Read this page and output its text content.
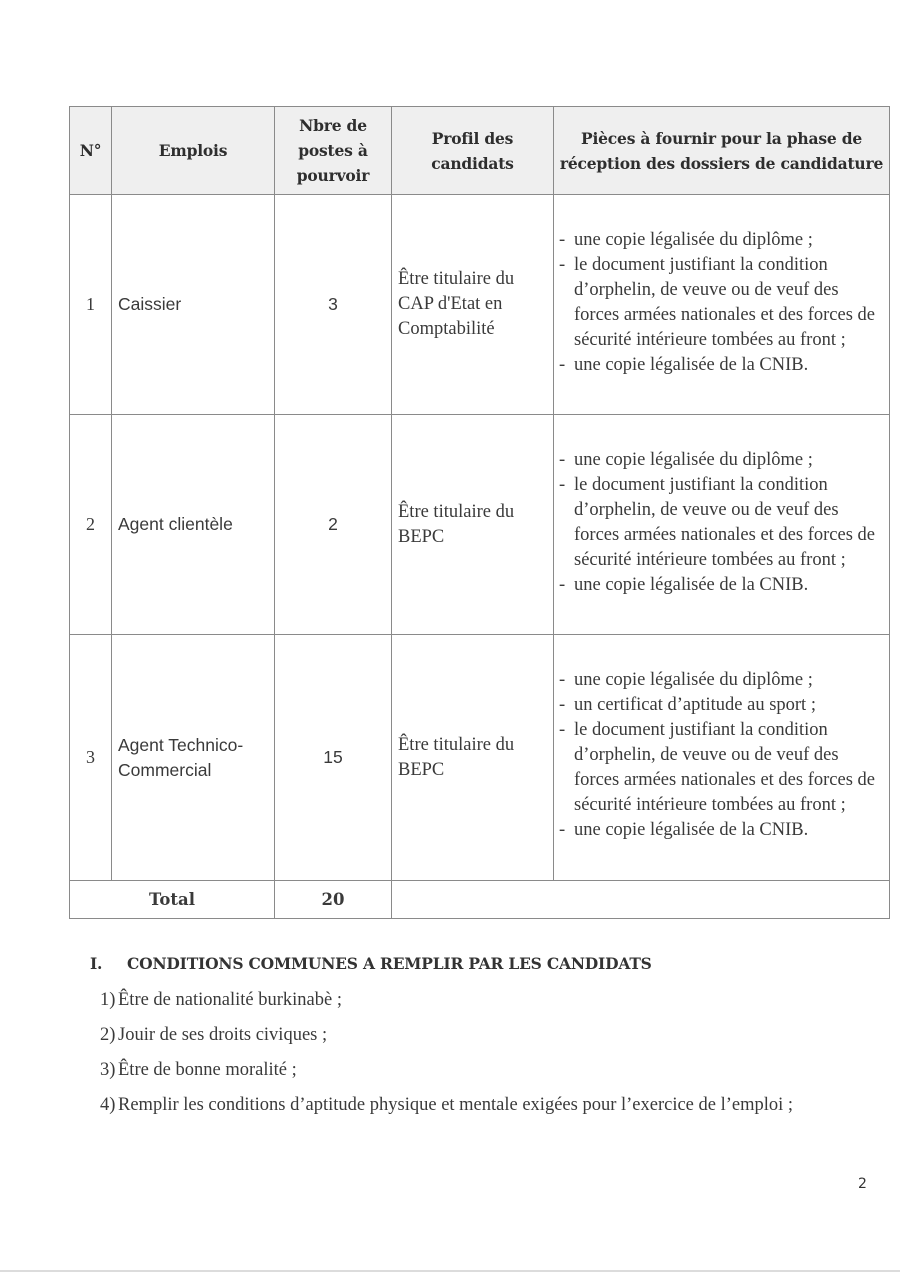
N°	Emplois	Nbre de postes à pourvoir	Profil des candidats	Pièces à fournir pour la phase de réception des dossiers de candidature
1	Caissier	3	Être titulaire du CAP d'Etat en Comptabilité	
- une copie légalisée du diplôme ;
- le document justifiant la condition d’orphelin, de veuve ou de veuf des forces armées nationales et des forces de sécurité intérieure tombées au front ;
- une copie légalisée de la CNIB.

2	Agent clientèle	2	Être titulaire du BEPC	
- une copie légalisée du diplôme ;
- le document justifiant la condition d’orphelin, de veuve ou de veuf des forces armées nationales et des forces de sécurité intérieure tombées au front ;
- une copie légalisée de la CNIB.

3	Agent Technico-Commercial	15	Être titulaire du BEPC	
- une copie légalisée du diplôme ;
- un certificat d’aptitude au sport ;
- le document justifiant la condition d’orphelin, de veuve ou de veuf des forces armées nationales et des forces de sécurité intérieure tombées au front ;
- une copie légalisée de la CNIB.

Total		20		
I. CONDITIONS COMMUNES A REMPLIR PAR LES CANDIDATS
1) Être de nationalité burkinabè ;
2) Jouir de ses droits civiques ;
3) Être de bonne moralité ;
4) Remplir les conditions d’aptitude physique et mentale exigées pour l’exercice de l’emploi ;
2
